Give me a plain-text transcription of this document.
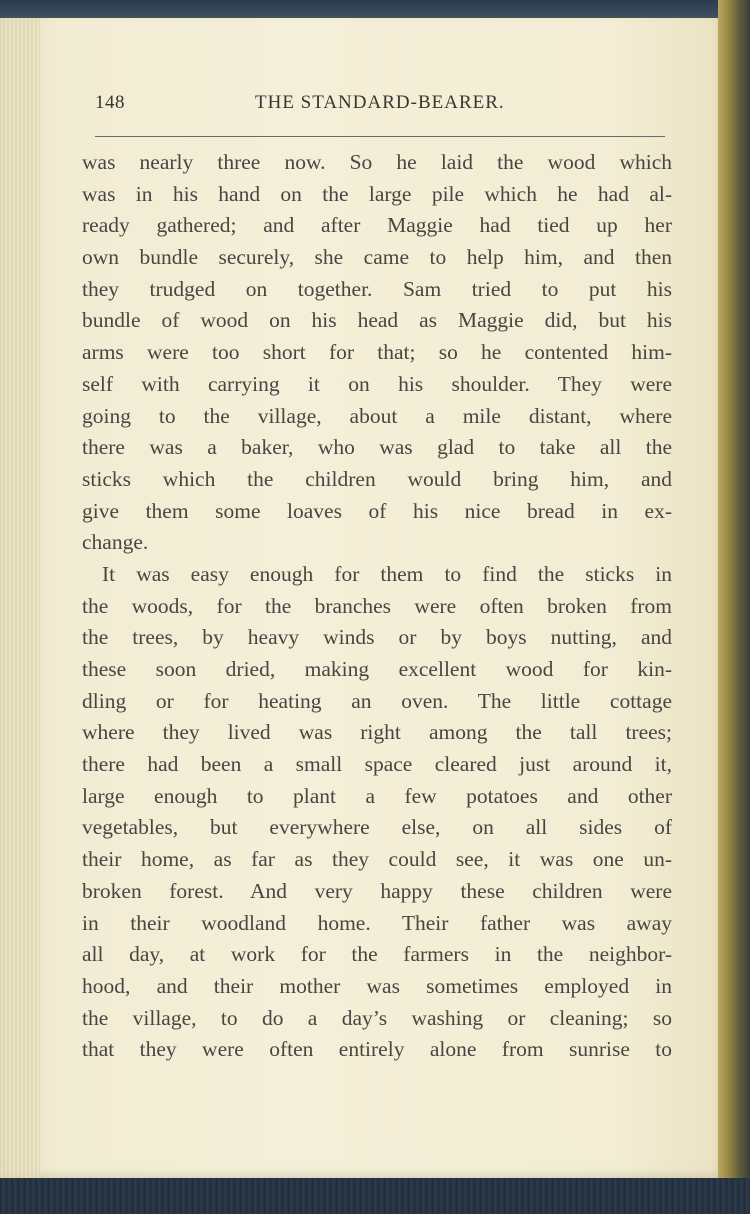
148	THE STANDARD-BEARER.
was nearly three now. So he laid the wood which
was in his hand on the large pile which he had al-
ready gathered; and after Maggie had tied up her
own bundle securely, she came to help him, and then
they trudged on together. Sam tried to put his
bundle of wood on his head as Maggie did, but his
arms were too short for that; so he contented him-
self with carrying it on his shoulder. They were
going to the village, about a mile distant, where
there was a baker, who was glad to take all the
sticks which the children would bring him, and
give them some loaves of his nice bread in ex-
change.
It was easy enough for them to find the sticks in
the woods, for the branches were often broken from
the trees, by heavy winds or by boys nutting, and
these soon dried, making excellent wood for kin-
dling or for heating an oven. The little cottage
where they lived was right among the tall trees;
there had been a small space cleared just around it,
large enough to plant a few potatoes and other
vegetables, but everywhere else, on all sides of
their home, as far as they could see, it was one un-
broken forest. And very happy these children were
in their woodland home. Their father was away
all day, at work for the farmers in the neighbor-
hood, and their mother was sometimes employed in
the village, to do a day’s washing or cleaning; so
that they were often entirely alone from sunrise to
